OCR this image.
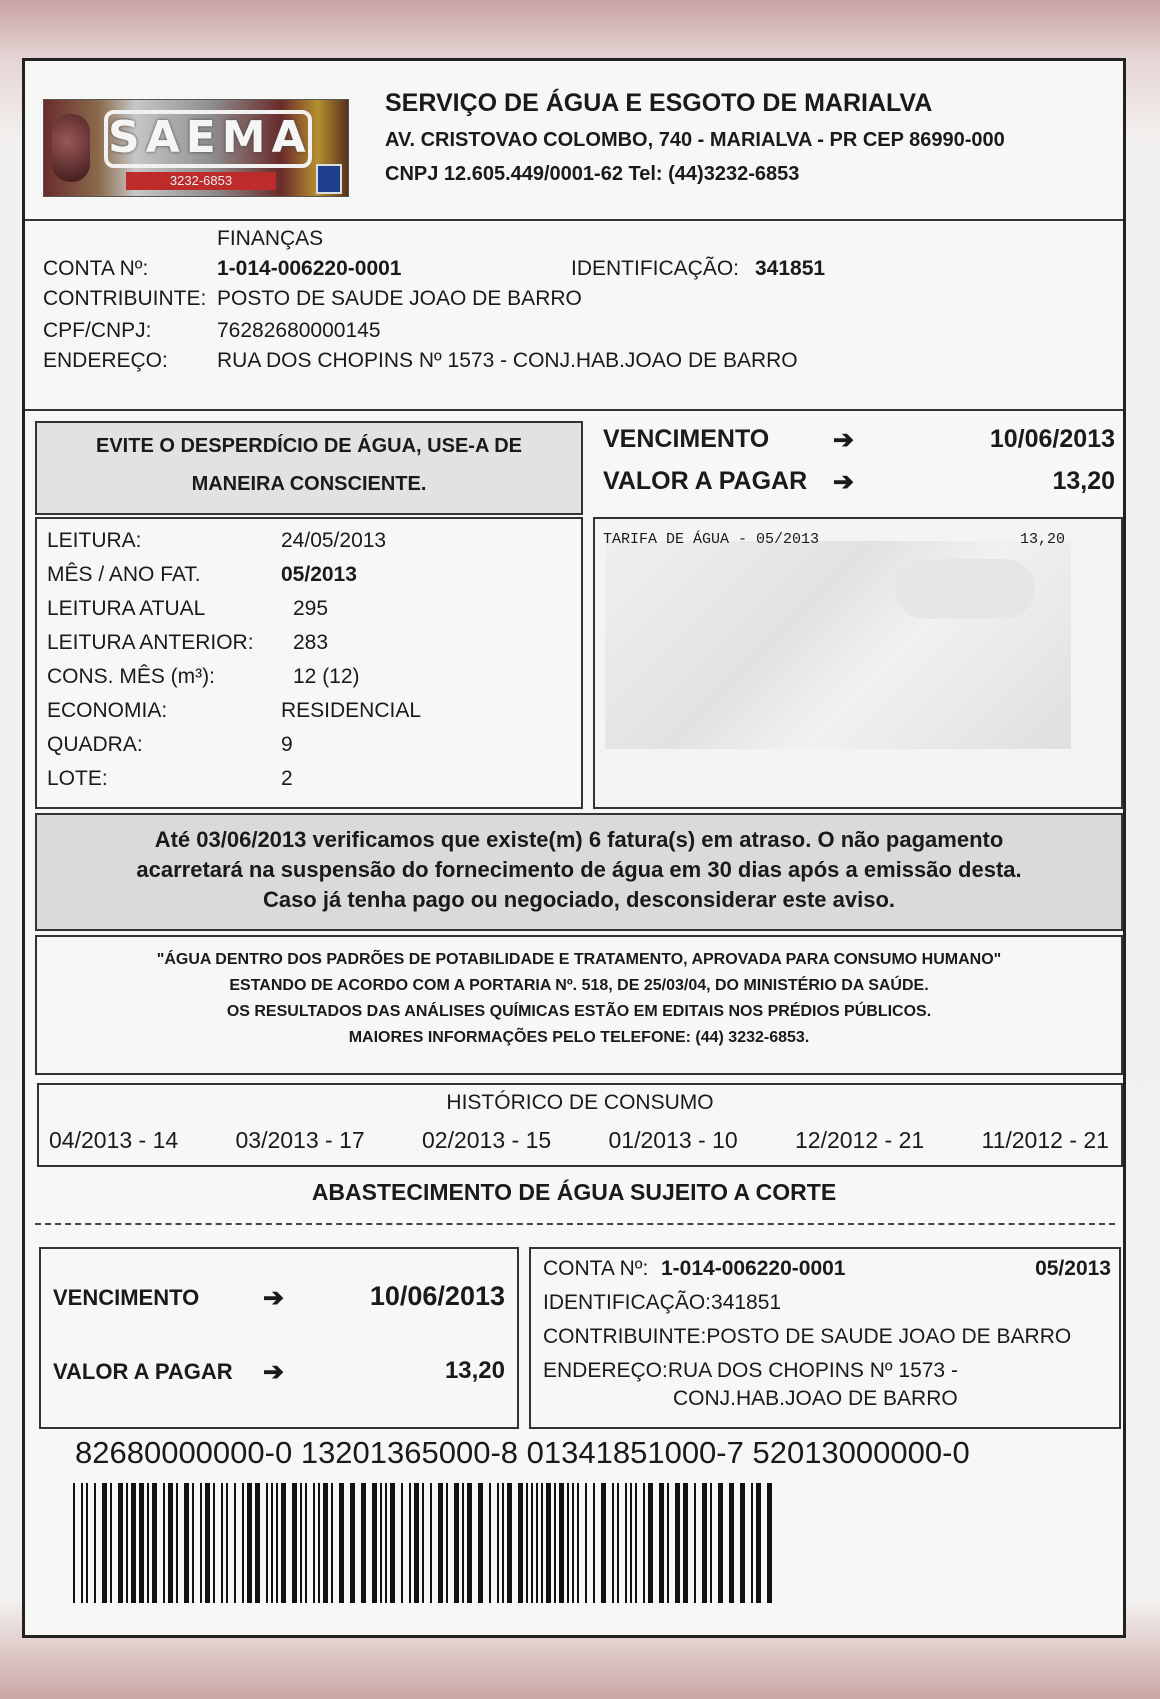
SAEMA
3232-6853
SERVIÇO DE ÁGUA E ESGOTO DE MARIALVA
AV. CRISTOVAO COLOMBO, 740 - MARIALVA - PR CEP 86990-000
CNPJ 12.605.449/0001-62 Tel: (44)3232-6853
FINANÇAS
CONTA Nº:	1-014-006220-0001	IDENTIFICAÇÃO: 341851
CONTRIBUINTE: POSTO DE SAUDE JOAO DE BARRO
CPF/CNPJ:	76282680000145
ENDEREÇO: RUA DOS CHOPINS Nº 1573 - CONJ.HAB.JOAO DE BARRO
EVITE O DESPERDÍCIO DE ÁGUA, USE-A DE
MANEIRA CONSCIENTE.
VENCIMENTO	➔	10/06/2013
VALOR A PAGAR ➔	13,20
LEITURA:	24/05/2013
MÊS / ANO FAT.	05/2013
LEITURA ATUAL	295
LEITURA ANTERIOR: 283
CONS. MÊS (m³):	12 (12)
ECONOMIA:	RESIDENCIAL
QUADRA:	9
LOTE:	2
TARIFA DE ÁGUA - 05/2013	13,20
Até 03/06/2013 verificamos que existe(m) 6 fatura(s) em atraso. O não pagamento
acarretará na suspensão do fornecimento de água em 30 dias após a emissão desta.
Caso já tenha pago ou negociado, desconsiderar este aviso.
"ÁGUA DENTRO DOS PADRÕES DE POTABILIDADE E TRATAMENTO, APROVADA PARA CONSUMO HUMANO"
ESTANDO DE ACORDO COM A PORTARIA Nº. 518, DE 25/03/04, DO MINISTÉRIO DA SAÚDE.
OS RESULTADOS DAS ANÁLISES QUÍMICAS ESTÃO EM EDITAIS NOS PRÉDIOS PÚBLICOS.
MAIORES INFORMAÇÕES PELO TELEFONE: (44) 3232-6853.
HISTÓRICO DE CONSUMO
04/2013 - 14 03/2013 - 17 02/2013 - 15 01/2013 - 10 12/2012 - 21 11/2012 - 21
ABASTECIMENTO DE ÁGUA SUJEITO A CORTE
VENCIMENTO	➔	10/06/2013
VALOR A PAGAR ➔	13,20
CONTA Nº: 1-014-006220-0001	05/2013
IDENTIFICAÇÃO:341851
CONTRIBUINTE:POSTO DE SAUDE JOAO DE BARRO
ENDEREÇO:RUA DOS CHOPINS Nº 1573 -
CONJ.HAB.JOAO DE BARRO
82680000000-0 13201365000-8 01341851000-7 52013000000-0
